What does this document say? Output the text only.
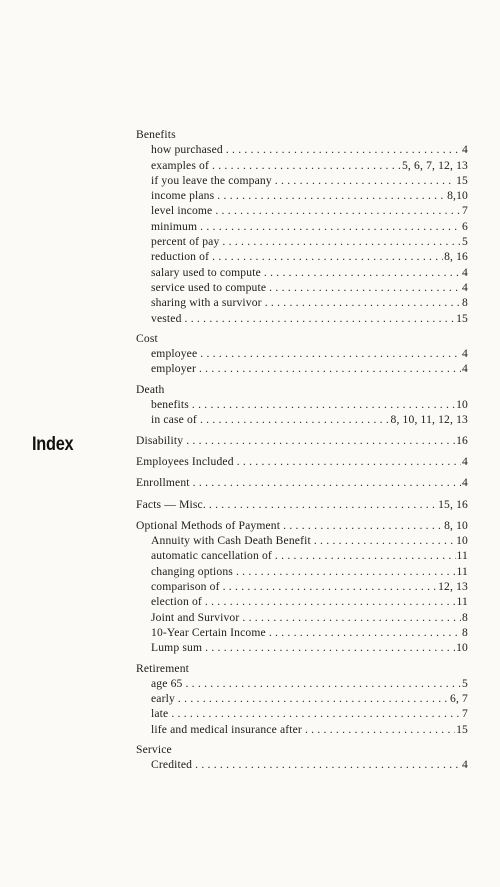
Index
Benefits
how purchased . . .	4
examples of . . .	5, 6, 7, 12, 13
if you leave the company . . .	15
income plans . . .	8,10
level income . . .	7
minimum . . .	6
percent of pay . . .	5
reduction of . . .	8, 16
salary used to compute . . .	4
service used to compute . . .	4
sharing with a survivor . . .	8
vested . . .	15
Cost
employee . . .	4
employer . . .	4
Death
benefits . . .	10
in case of . . .	8, 10, 11, 12, 13
Disability . . .	16
Employees Included . . .	4
Enrollment . . .	4
Facts — Misc. . . .	15, 16
Optional Methods of Payment . . .	8, 10
Annuity with Cash Death Benefit . . .	10
automatic cancellation of . . .	11
changing options . . .	11
comparison of . . .	12, 13
election of . . .	11
Joint and Survivor . . .	8
10-Year Certain Income . . .	8
Lump sum . . .	10
Retirement
age 65 . . .	5
early . . .	6, 7
late . . .	7
life and medical insurance after . . .	15
Service
Credited . . .	4
